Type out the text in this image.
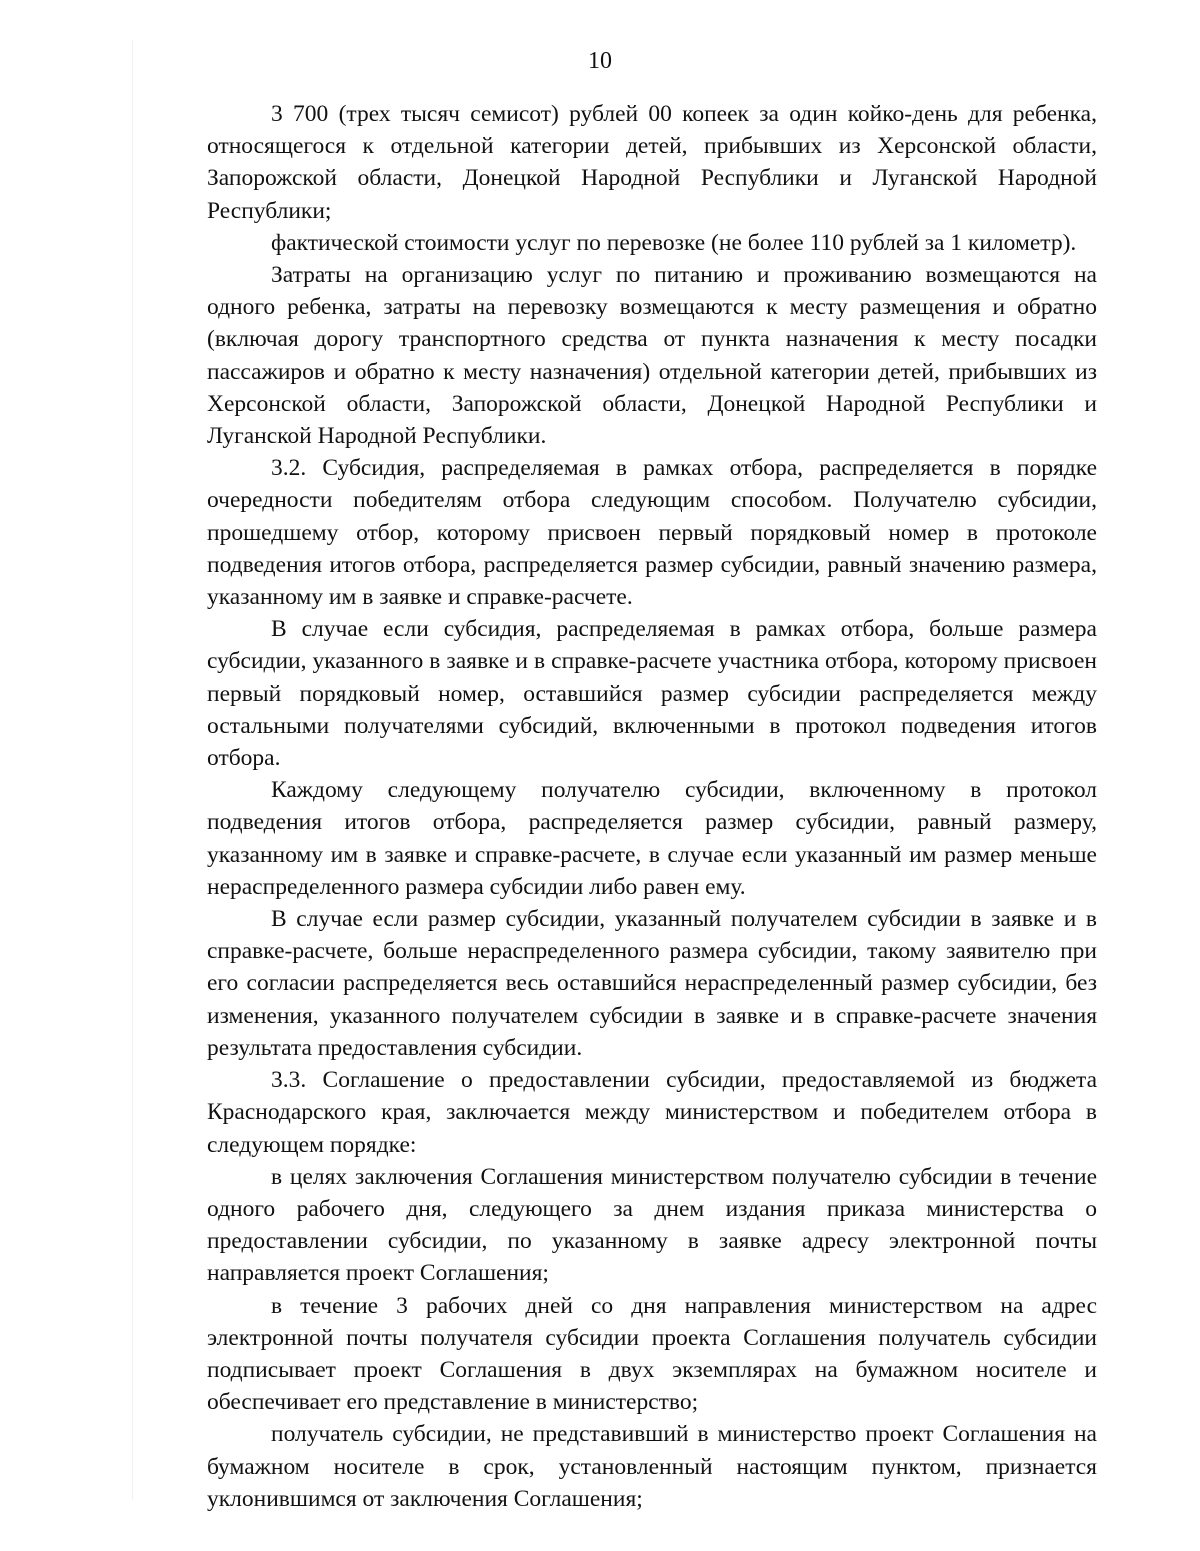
10

3 700 (трех тысяч семисот) рублей 00 копеек за один койко-день для ребенка, относящегося к отдельной категории детей, прибывших из Херсонской области, Запорожской области, Донецкой Народной Республики и Луганской Народной Республики;

фактической стоимости услуг по перевозке (не более 110 рублей за 1 километр).

Затраты на организацию услуг по питанию и проживанию возмещаются на одного ребенка, затраты на перевозку возмещаются к месту размещения и обратно (включая дорогу транспортного средства от пункта назначения к месту посадки пассажиров и обратно к месту назначения) отдельной категории детей, прибывших из Херсонской области, Запорожской области, Донецкой Народной Республики и Луганской Народной Республики.

3.2. Субсидия, распределяемая в рамках отбора, распределяется в порядке очередности победителям отбора следующим способом. Получателю субсидии, прошедшему отбор, которому присвоен первый порядковый номер в протоколе подведения итогов отбора, распределяется размер субсидии, равный значению размера, указанному им в заявке и справке-расчете.

В случае если субсидия, распределяемая в рамках отбора, больше размера субсидии, указанного в заявке и в справке-расчете участника отбора, которому присвоен первый порядковый номер, оставшийся размер субсидии распределяется между остальными получателями субсидий, включенными в протокол подведения итогов отбора.

Каждому следующему получателю субсидии, включенному в протокол подведения итогов отбора, распределяется размер субсидии, равный размеру, указанному им в заявке и справке-расчете, в случае если указанный им размер меньше нераспределенного размера субсидии либо равен ему.

В случае если размер субсидии, указанный получателем субсидии в заявке и в справке-расчете, больше нераспределенного размера субсидии, такому заявителю при его согласии распределяется весь оставшийся нераспределенный размер субсидии, без изменения, указанного получателем субсидии в заявке и в справке-расчете значения результата предоставления субсидии.

3.3. Соглашение о предоставлении субсидии, предоставляемой из бюджета Краснодарского края, заключается между министерством и победителем отбора в следующем порядке:

в целях заключения Соглашения министерством получателю субсидии в течение одного рабочего дня, следующего за днем издания приказа министерства о предоставлении субсидии, по указанному в заявке адресу электронной почты направляется проект Соглашения;

в течение 3 рабочих дней со дня направления министерством на адрес электронной почты получателя субсидии проекта Соглашения получатель субсидии подписывает проект Соглашения в двух экземплярах на бумажном носителе и обеспечивает его представление в министерство;

получатель субсидии, не представивший в министерство проект Соглашения на бумажном носителе в срок, установленный настоящим пунктом, признается уклонившимся от заключения Соглашения;
